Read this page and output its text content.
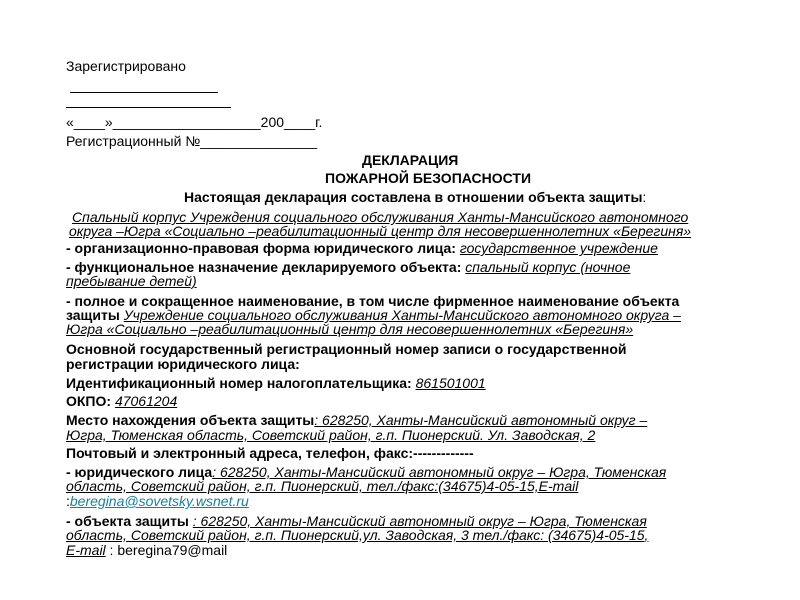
Зарегистрировано
«____»___________________200____г.
Регистрационный №_______________
ДЕКЛАРАЦИЯ
ПОЖАРНОЙ БЕЗОПАСНОСТИ
Настоящая декларация составлена в отношении объекта защиты:
Спальный корпус Учреждения социального обслуживания Ханты-Мансийского автономного
округа –Югра «Социально –реабилитационный центр для несовершеннолетних «Берегиня»
- организационно-правовая форма юридического лица: государственное учреждение
- функциональное назначение декларируемого объекта: спальный корпус (ночное
пребывание детей)
- полное и сокращенное наименование, в том числе фирменное наименование объекта
защиты Учреждение социального обслуживания Ханты-Мансийского автономного округа –
Югра «Социально –реабилитационный центр для несовершеннолетних «Берегиня»
Основной государственный регистрационный номер записи о государственной
регистрации юридического лица:
Идентификационный номер налогоплательщика: 861501001
ОКПО: 47061204
Место нахождения объекта защиты: 628250, Ханты-Мансийский автономный округ –
Югра, Тюменская область, Советский район, г.п. Пионерский. Ул. Заводская, 2
Почтовый и электронный адреса, телефон, факс:-------------
- юридического лица: 628250, Ханты-Мансийский автономный округ – Югра, Тюменская
область, Советский район, г.п. Пионерский, тел./факс:(34675)4-05-15,E-mail
:beregina@sovetsky.wsnet.ru
- объекта защиты : 628250, Ханты-Мансийский автономный округ – Югра, Тюменская
область, Советский район, г.п. Пионерский,ул. Заводская, 3 тел./факс: (34675)4-05-15,
E-mail : beregina79@mail
